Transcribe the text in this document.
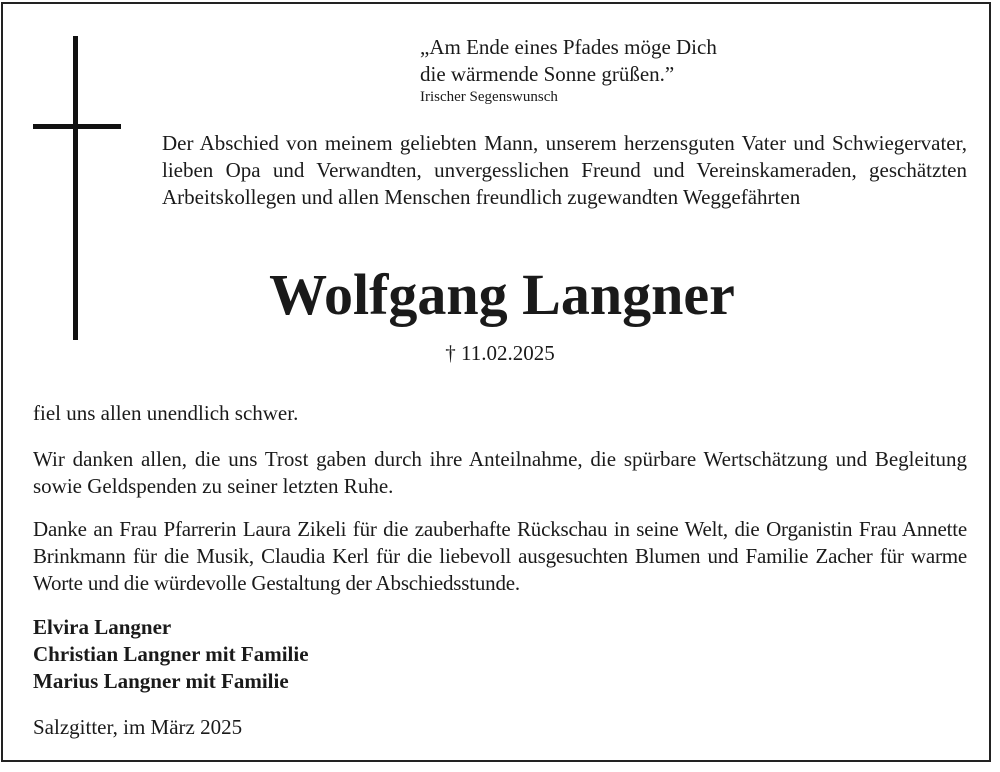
„Am Ende eines Pfades möge Dich
die wärmende Sonne grüßen.”
Irischer Segenswunsch
Der Abschied von meinem geliebten Mann, unserem herzensguten Vater und Schwiegervater, lieben Opa und Verwandten, unvergesslichen Freund und Vereinskameraden, geschätzten Arbeitskollegen und allen Menschen freundlich zugewandten Weggefährten
Wolfgang Langner
† 11.02.2025
fiel uns allen unendlich schwer.
Wir danken allen, die uns Trost gaben durch ihre Anteilnahme, die spürbare Wertschätzung und Begleitung sowie Geldspenden zu seiner letzten Ruhe.
Danke an Frau Pfarrerin Laura Zikeli für die zauberhafte Rückschau in seine Welt, die Organistin Frau Annette Brinkmann für die Musik, Claudia Kerl für die liebevoll ausgesuchten Blumen und Familie Zacher für warme Worte und die würdevolle Gestaltung der Abschiedsstunde.
Elvira Langner
Christian Langner mit Familie
Marius Langner mit Familie
Salzgitter, im März 2025
